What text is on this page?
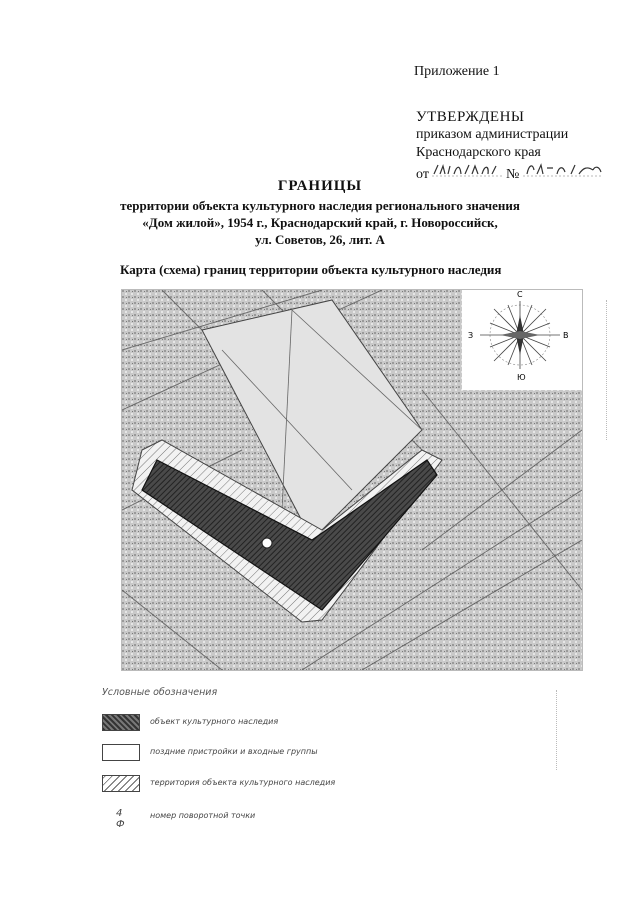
Приложение 1
УТВЕРЖДЕНЫ
приказом администрации
Краснодарского края
от	№
ГРАНИЦЫ
территории объекта культурного наследия регионального значения
«Дом жилой», 1954 г., Краснодарский край, г. Новороссийск,
ул. Советов, 26, лит. А
Карта (схема) границ территории объекта культурного наследия
С
Ю
В
З
Условные обозначения
объект культурного наследия
поздние пристройки и входные группы
территория объекта культурного наследия
4 Ф
номер поворотной точки
